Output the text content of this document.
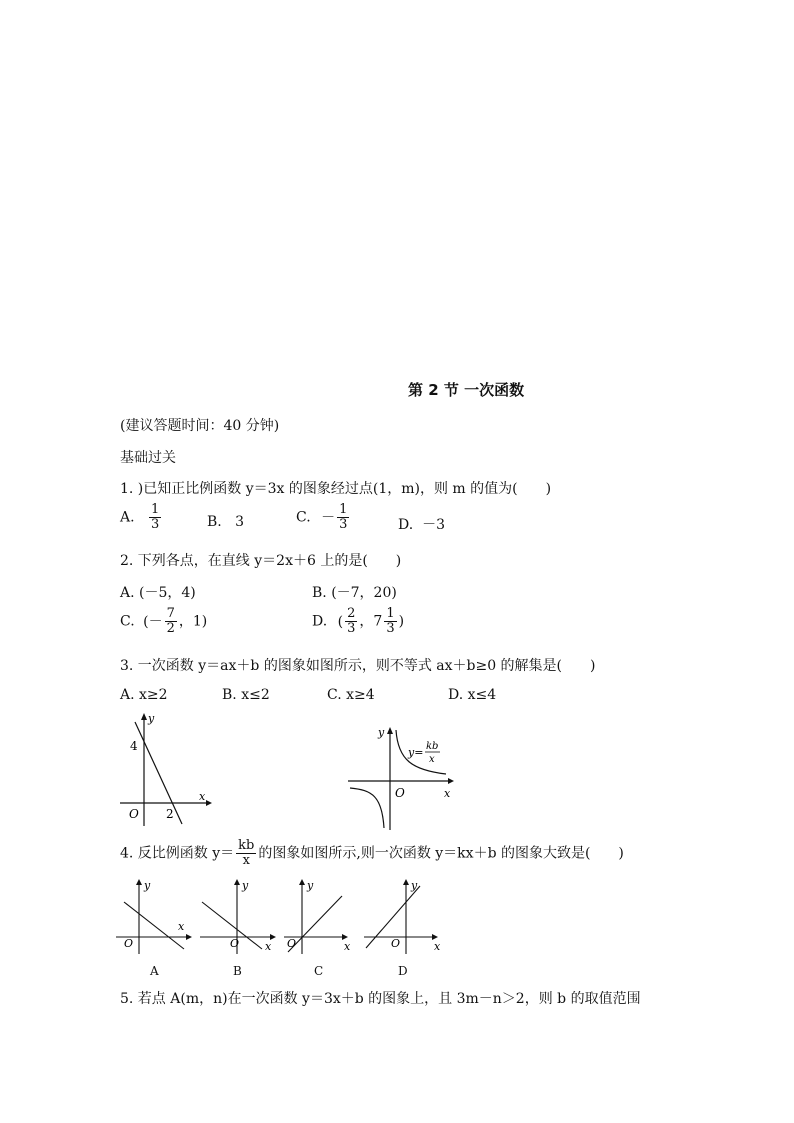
第 2 节 一次函数
(建议答题时间：40 分钟)
基础过关
1. )已知正比例函数 y＝3x 的图象经过点(1，m)，则 m 的值为(　　)
A. $\frac{1}{3}$	B. 3	C. － $\frac{1}{3}$	D. －3
2. 下列各点，在直线 y＝2x＋6 上的是(　　)
A. (－5，4)	B. (－7，20)
C. (－ $\frac{7}{2}$ ，1)	D. ( $\frac{2}{3}$ ，$7 \frac{1}{3}$ )
3. 一次函数 y＝ax＋b 的图象如图所示，则不等式 ax＋b≥0 的解集是(　　)
A. x≥2	B. x≤2	C. x≥4	D. x≤4
y
x
O
4
2
y
x
O
y= kb
x
4. 反比例函数 $y= \frac{kb}{x}$ 的图象如图所示,则一次函数 y＝kx＋b 的图象大致是(　　)
y
x
O
y
x
O
y
x
O
y
x
O
A	B	C	D
5. 若点 A(m，n)在一次函数 y＝3x＋b 的图象上，且 3m－n＞2，则 b 的取值范围
